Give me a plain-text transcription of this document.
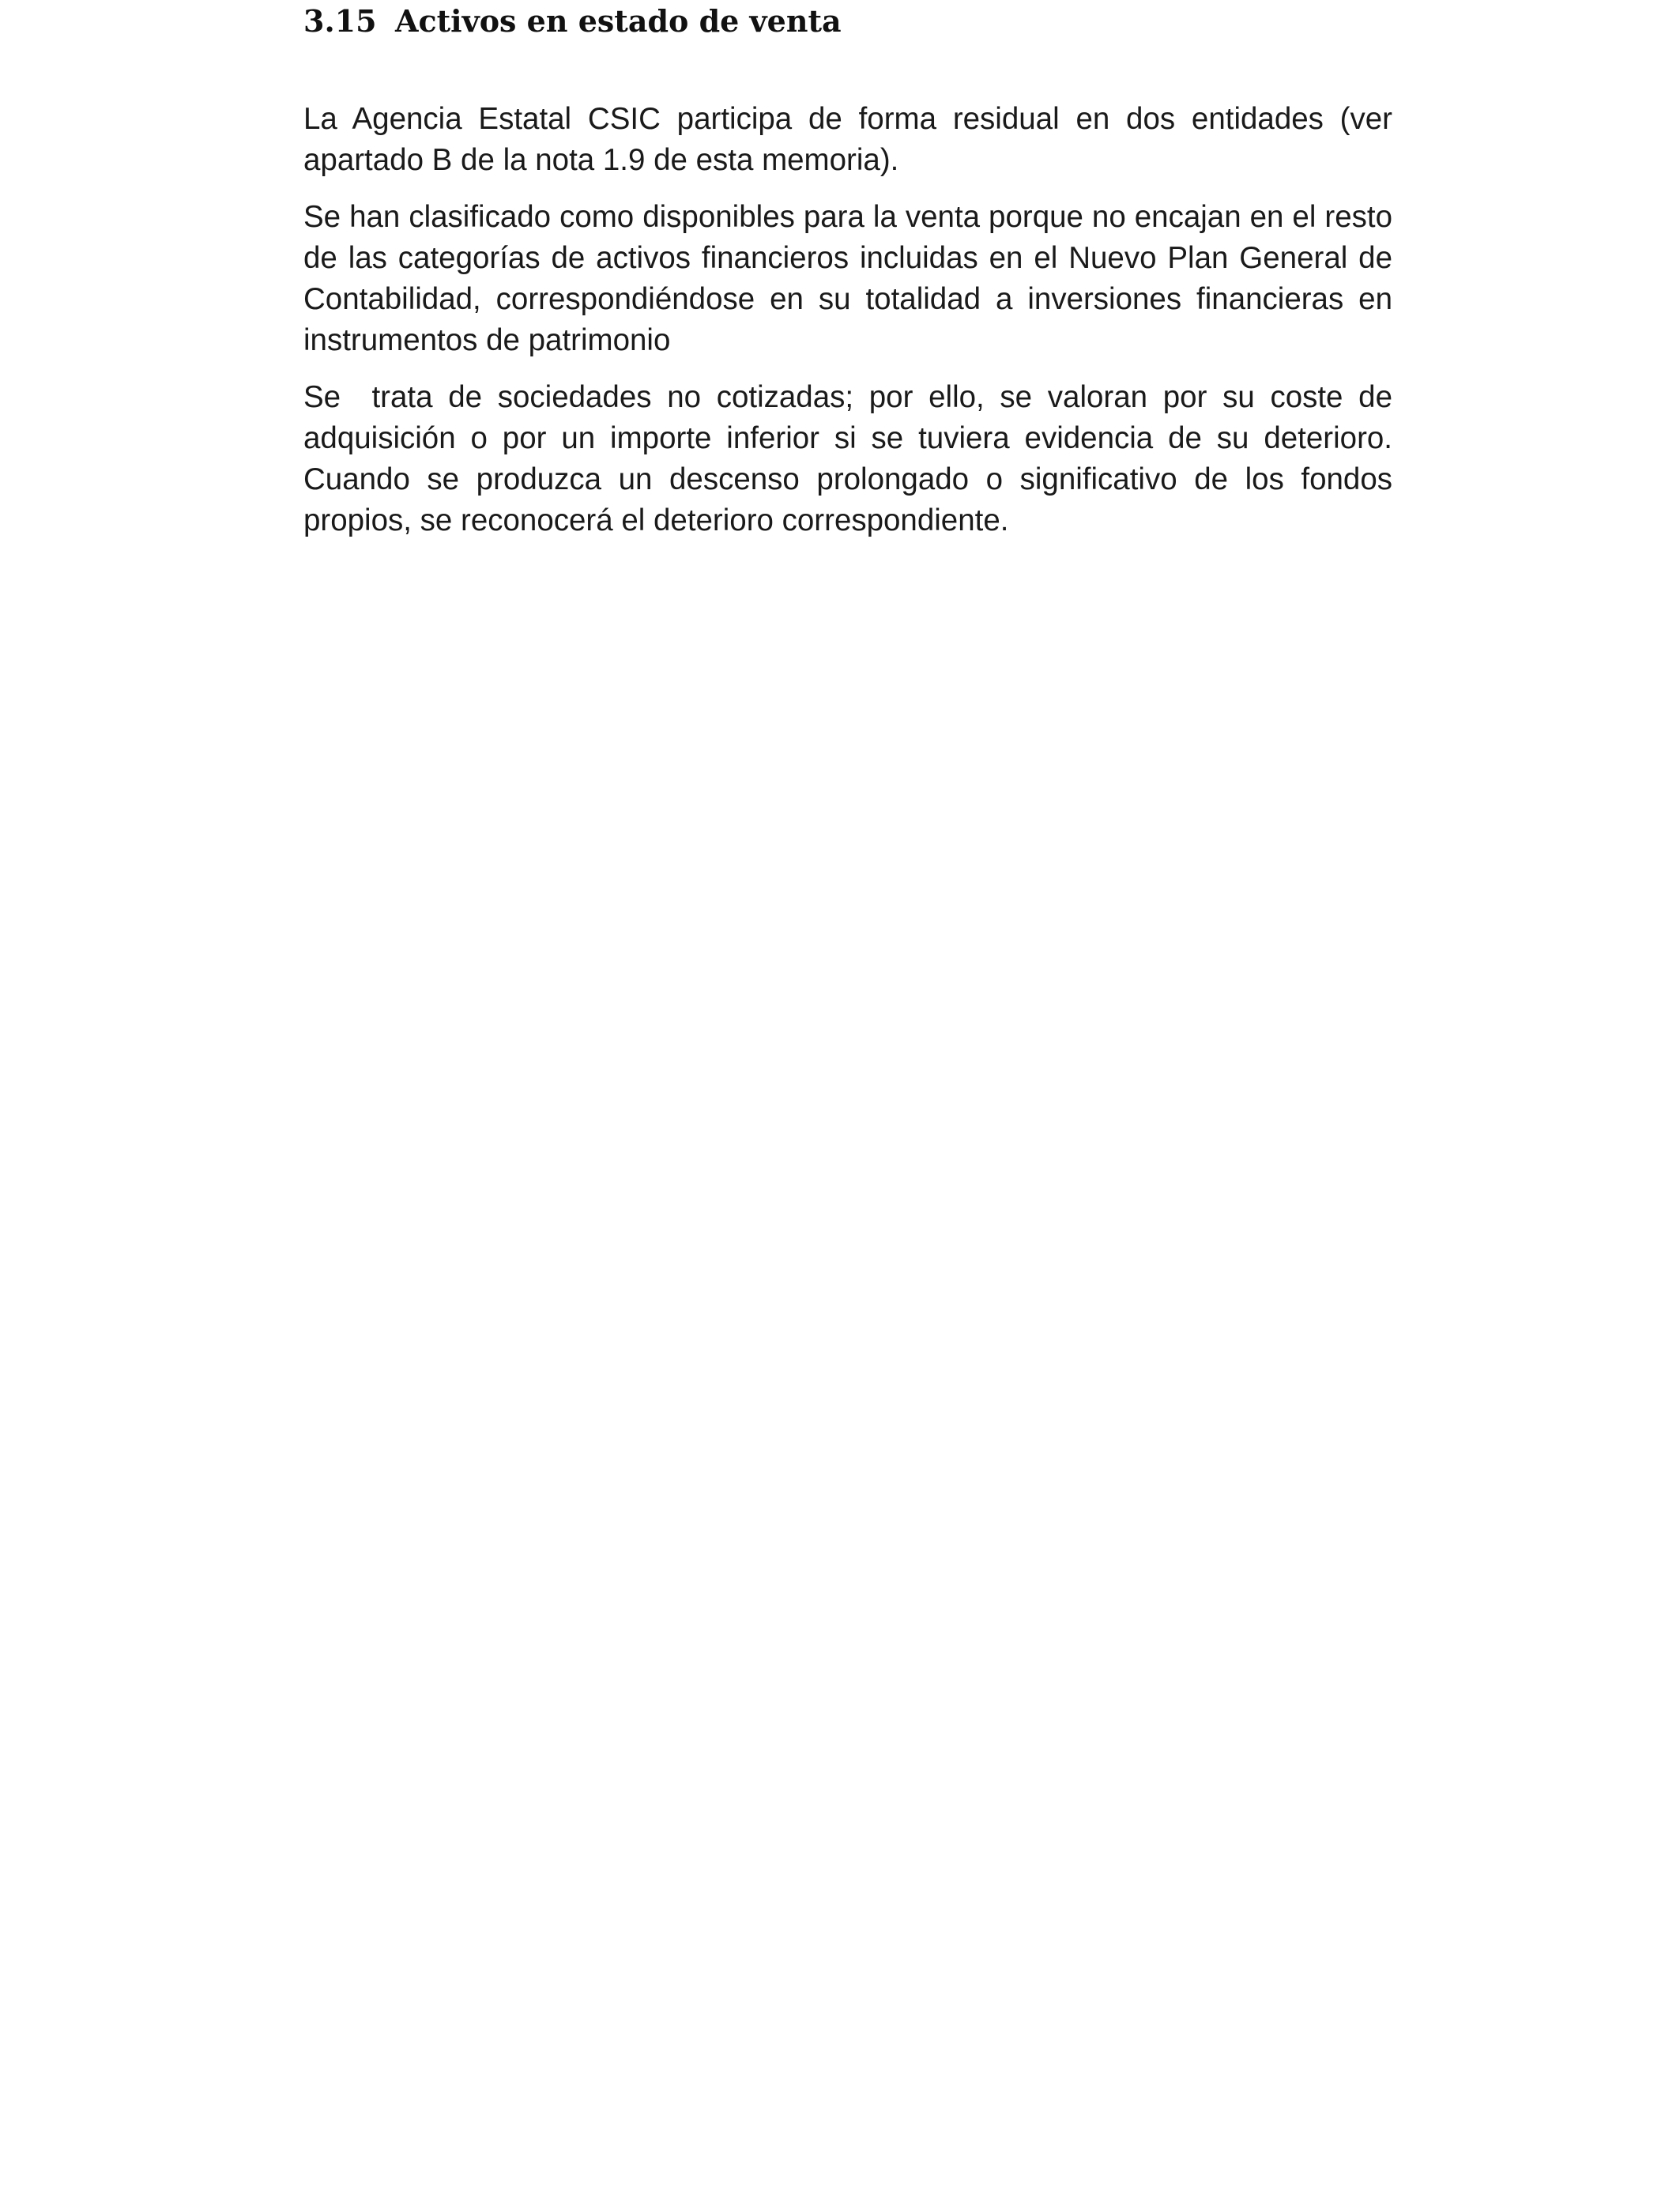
3.15 Activos en estado de venta

La Agencia Estatal CSIC participa de forma residual en dos entidades (ver apartado B de la nota 1.9 de esta memoria).

Se han clasificado como disponibles para la venta porque no encajan en el resto de las categorías de activos financieros incluidas en el Nuevo Plan General de Contabilidad, correspondiéndose en su totalidad a inversiones financieras en instrumentos de patrimonio

Se  trata de sociedades no cotizadas; por ello, se valoran por su coste de adquisición o por un importe inferior si se tuviera evidencia de su deterioro. Cuando se produzca un descenso prolongado o significativo de los fondos propios, se reconocerá el deterioro correspondiente.
